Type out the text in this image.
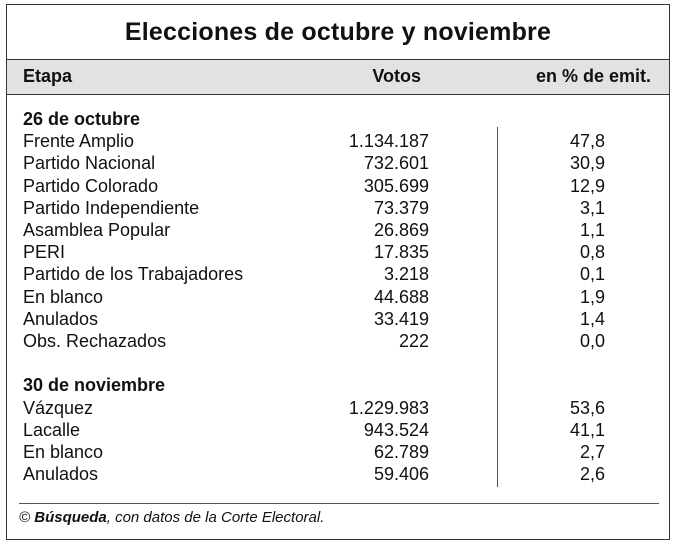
Elecciones de octubre y noviembre
Etapa	Votos	en % de emit.
26 de octubre
Frente Amplio	1.134.187	47,8
Partido Nacional	732.601	30,9
Partido Colorado	305.699	12,9
Partido Independiente	73.379	3,1
Asamblea Popular	26.869	1,1
PERI	17.835	0,8
Partido de los Trabajadores	3.218	0,1
En blanco	44.688	1,9
Anulados	33.419	1,4
Obs. Rechazados	222	0,0
30 de noviembre
Vázquez	1.229.983	53,6
Lacalle	943.524	41,1
En blanco	62.789	2,7
Anulados	59.406	2,6
© Búsqueda, con datos de la Corte Electoral.
